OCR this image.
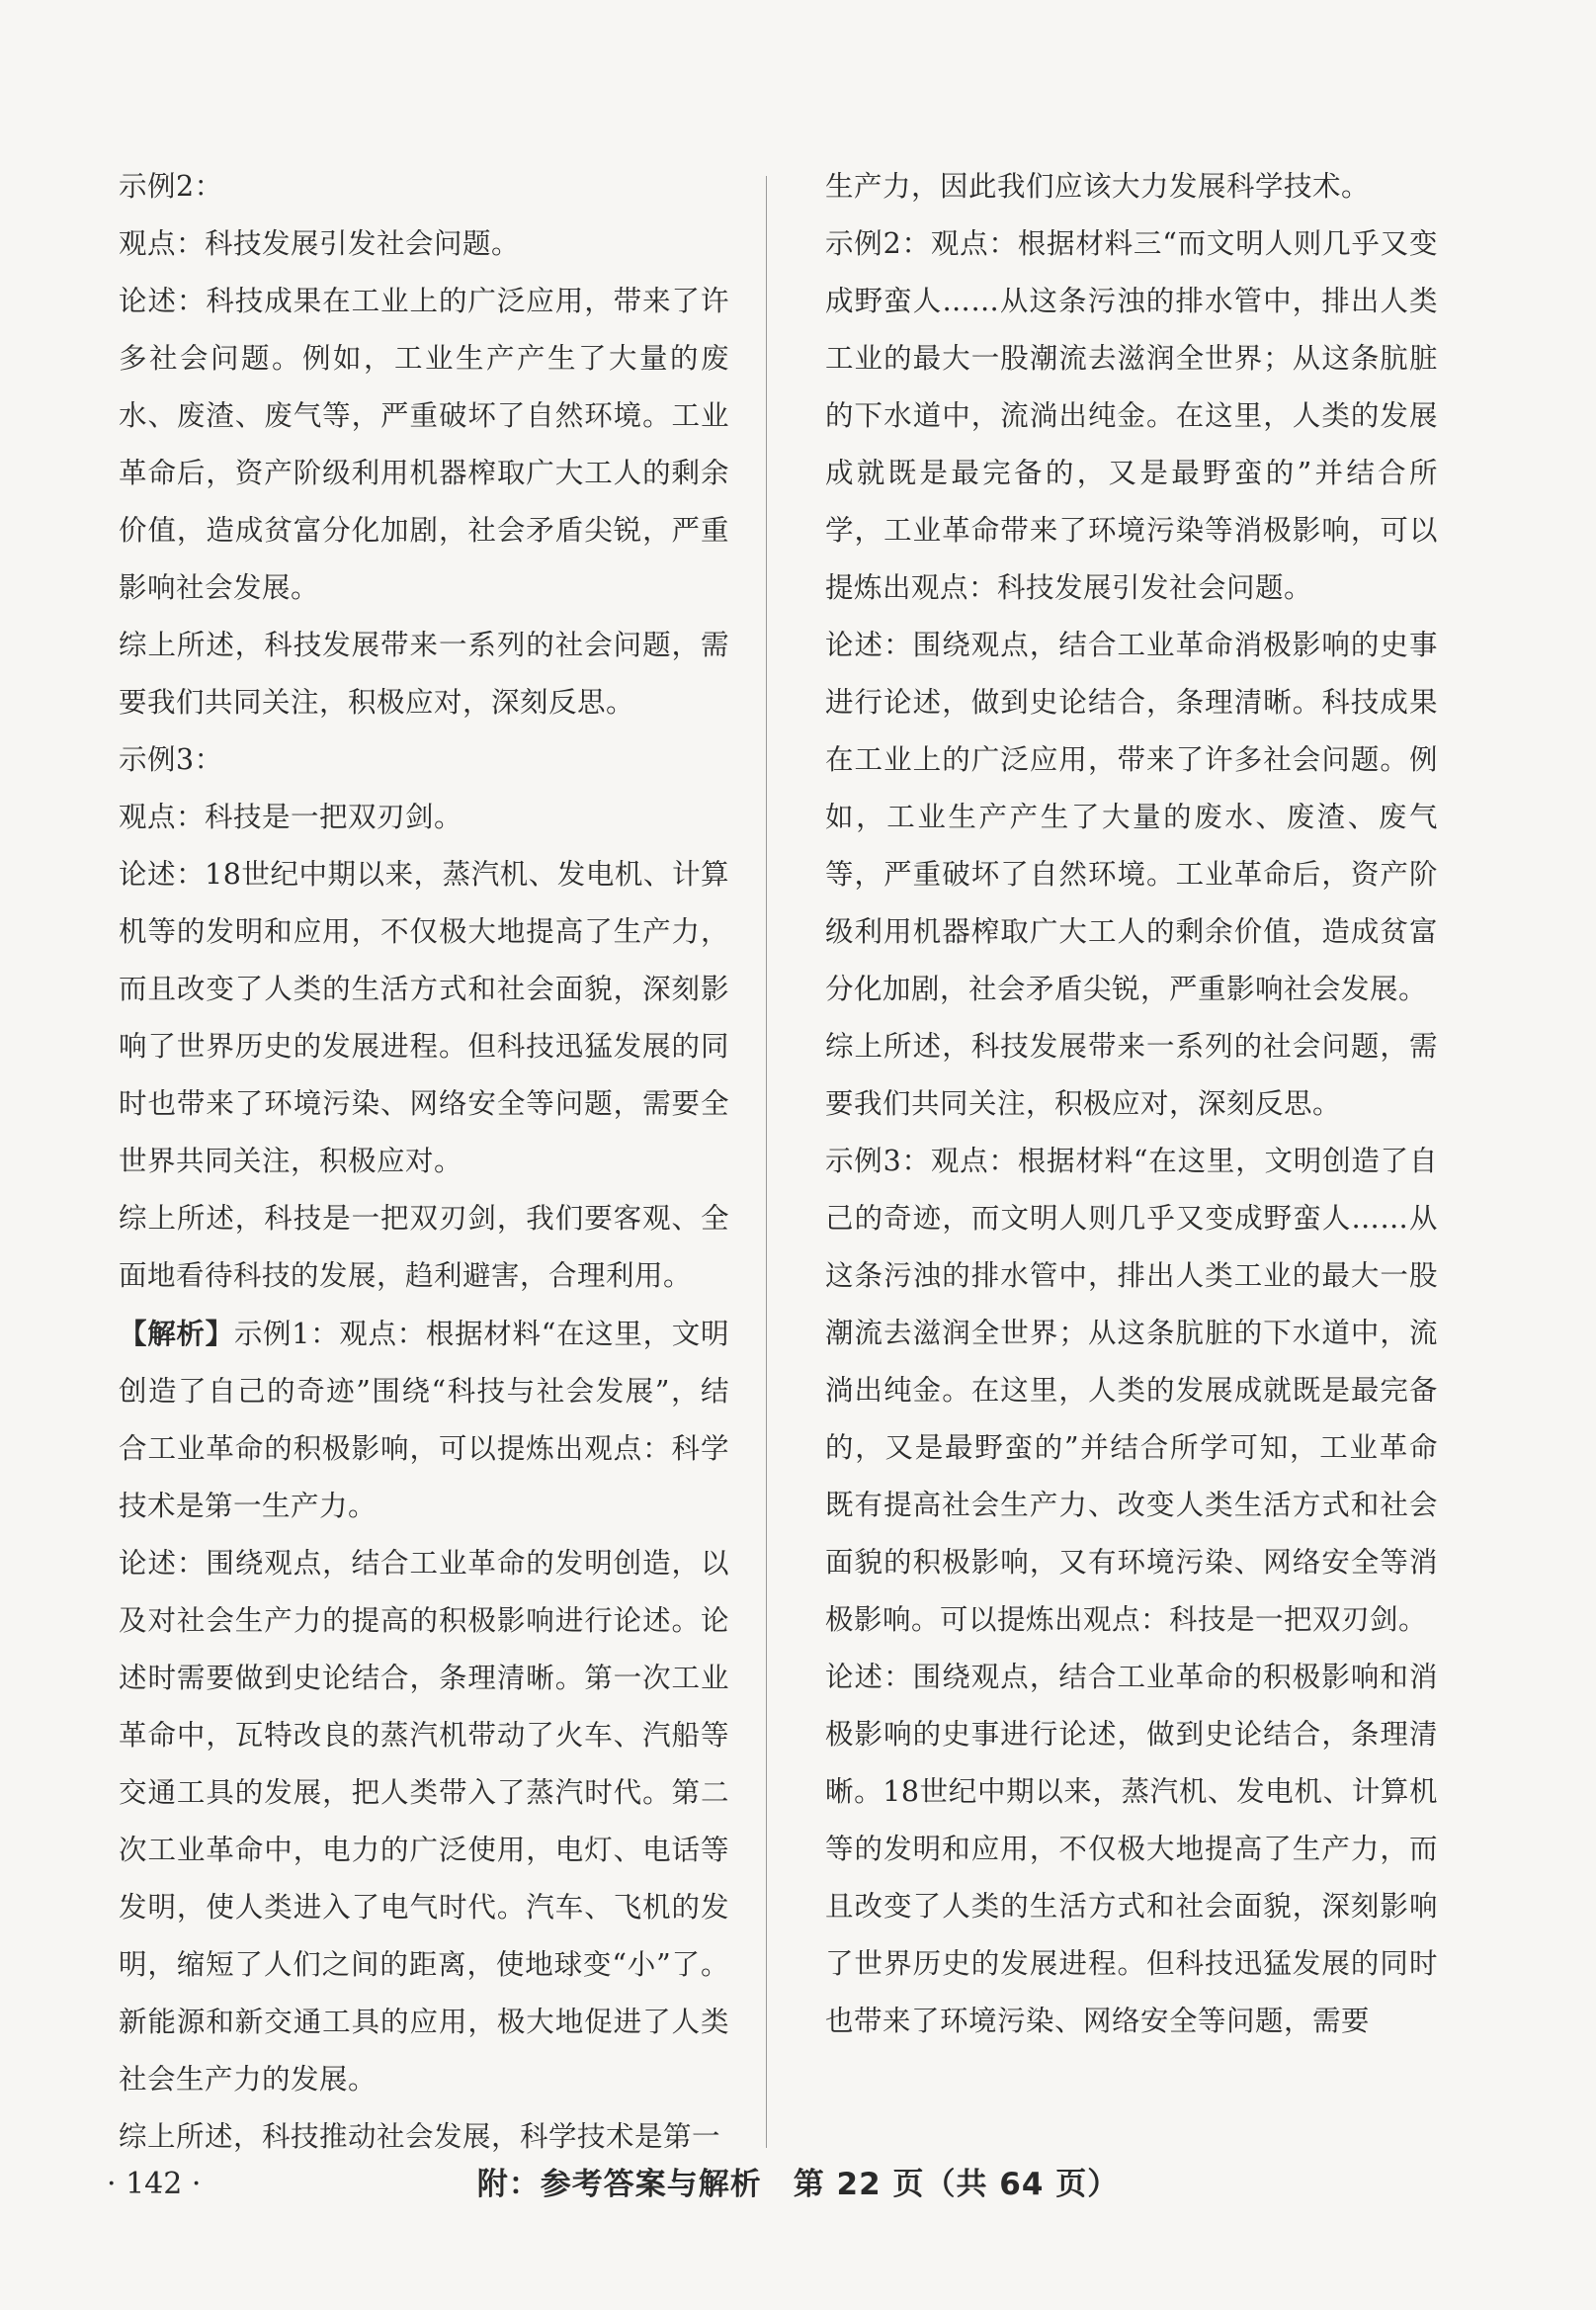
示例2：

观点：科技发展引发社会问题。

论述：科技成果在工业上的广泛应用，带来了许多社会问题。例如，工业生产产生了大量的废水、废渣、废气等，严重破坏了自然环境。工业革命后，资产阶级利用机器榨取广大工人的剩余价值，造成贫富分化加剧，社会矛盾尖锐，严重影响社会发展。

综上所述，科技发展带来一系列的社会问题，需要我们共同关注，积极应对，深刻反思。

示例3：

观点：科技是一把双刃剑。

论述：18世纪中期以来，蒸汽机、发电机、计算机等的发明和应用，不仅极大地提高了生产力，而且改变了人类的生活方式和社会面貌，深刻影响了世界历史的发展进程。但科技迅猛发展的同时也带来了环境污染、网络安全等问题，需要全世界共同关注，积极应对。

综上所述，科技是一把双刃剑，我们要客观、全面地看待科技的发展，趋利避害，合理利用。

【解析】示例1：观点：根据材料“在这里，文明创造了自己的奇迹”围绕“科技与社会发展”，结合工业革命的积极影响，可以提炼出观点：科学技术是第一生产力。

论述：围绕观点，结合工业革命的发明创造，以及对社会生产力的提高的积极影响进行论述。论述时需要做到史论结合，条理清晰。第一次工业革命中，瓦特改良的蒸汽机带动了火车、汽船等交通工具的发展，把人类带入了蒸汽时代。第二次工业革命中，电力的广泛使用，电灯、电话等发明，使人类进入了电气时代。汽车、飞机的发明，缩短了人们之间的距离，使地球变“小”了。新能源和新交通工具的应用，极大地促进了人类社会生产力的发展。

综上所述，科技推动社会发展，科学技术是第一

生产力，因此我们应该大力发展科学技术。

示例2：观点：根据材料三“而文明人则几乎又变成野蛮人……从这条污浊的排水管中，排出人类工业的最大一股潮流去滋润全世界；从这条肮脏的下水道中，流淌出纯金。在这里，人类的发展成就既是最完备的，又是最野蛮的”并结合所学，工业革命带来了环境污染等消极影响，可以提炼出观点：科技发展引发社会问题。

论述：围绕观点，结合工业革命消极影响的史事进行论述，做到史论结合，条理清晰。科技成果在工业上的广泛应用，带来了许多社会问题。例如，工业生产产生了大量的废水、废渣、废气等，严重破坏了自然环境。工业革命后，资产阶级利用机器榨取广大工人的剩余价值，造成贫富分化加剧，社会矛盾尖锐，严重影响社会发展。

综上所述，科技发展带来一系列的社会问题，需要我们共同关注，积极应对，深刻反思。

示例3：观点：根据材料“在这里，文明创造了自己的奇迹，而文明人则几乎又变成野蛮人……从这条污浊的排水管中，排出人类工业的最大一股潮流去滋润全世界；从这条肮脏的下水道中，流淌出纯金。在这里，人类的发展成就既是最完备的，又是最野蛮的”并结合所学可知，工业革命既有提高社会生产力、改变人类生活方式和社会面貌的积极影响，又有环境污染、网络安全等消极影响。可以提炼出观点：科技是一把双刃剑。

论述：围绕观点，结合工业革命的积极影响和消极影响的史事进行论述，做到史论结合，条理清晰。18世纪中期以来，蒸汽机、发电机、计算机等的发明和应用，不仅极大地提高了生产力，而且改变了人类的生活方式和社会面貌，深刻影响了世界历史的发展进程。但科技迅猛发展的同时也带来了环境污染、网络安全等问题，需要

· 142 ·	附：参考答案与解析　第 22 页（共 64 页）
